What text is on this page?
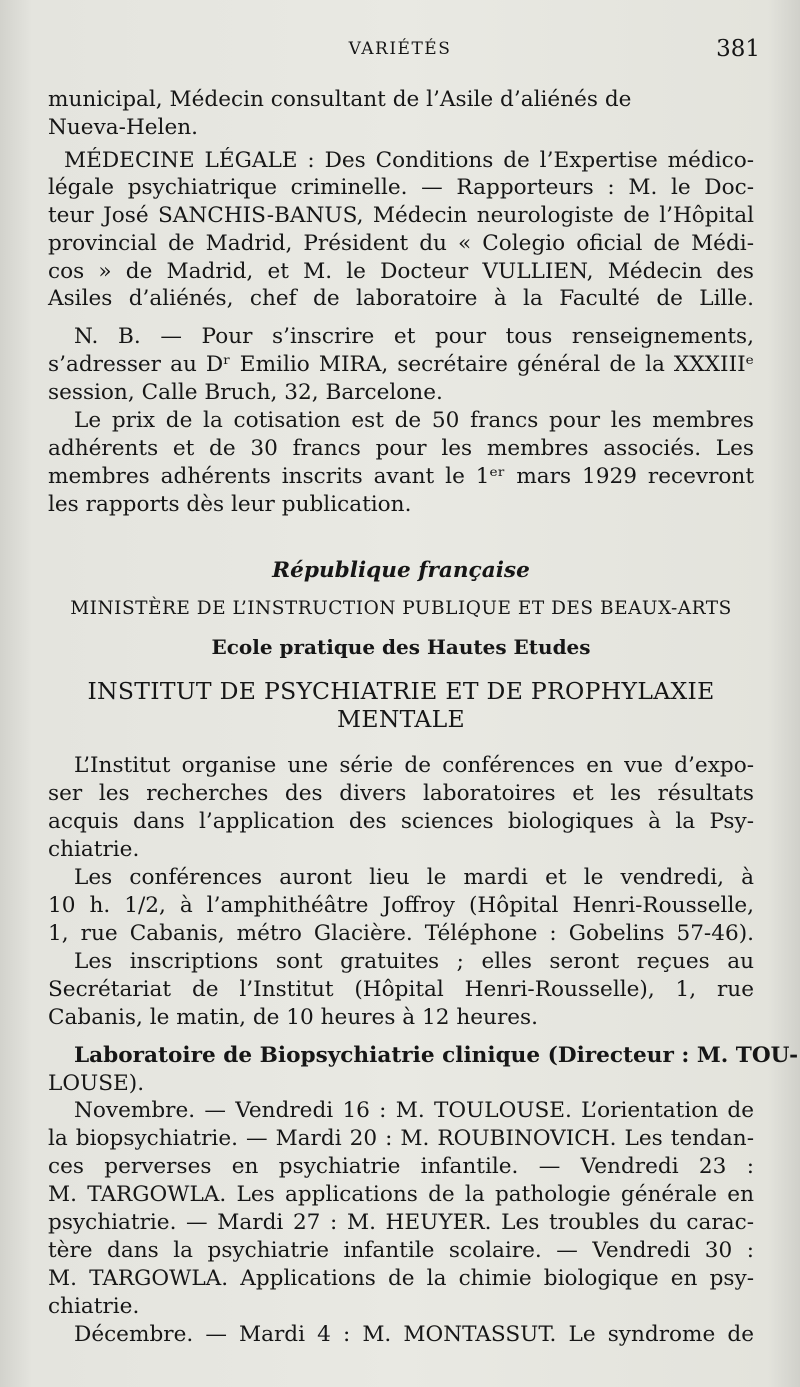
VARIÉTÉS	381
municipal, Médecin consultant de l’Asile d’aliénés de
Nueva-Helen.
MÉDECINE LÉGALE : Des Conditions de l’Expertise médico-
légale psychiatrique criminelle. — Rapporteurs : M. le Doc-
teur José SANCHIS-BANUS, Médecin neurologiste de l’Hôpital
provincial de Madrid, Président du « Colegio oficial de Médi-
cos » de Madrid, et M. le Docteur VULLIEN, Médecin des
Asiles d’aliénés, chef de laboratoire à la Faculté de Lille.
N. B. — Pour s’inscrire et pour tous renseignements,
s’adresser au Dʳ Emilio MIRA, secrétaire général de la XXXIIIᵉ
session, Calle Bruch, 32, Barcelone.
Le prix de la cotisation est de 50 francs pour les membres
adhérents et de 30 francs pour les membres associés. Les
membres adhérents inscrits avant le 1ᵉʳ mars 1929 recevront
les rapports dès leur publication.
République française
MINISTÈRE DE L’INSTRUCTION PUBLIQUE ET DES BEAUX-ARTS
Ecole pratique des Hautes Etudes
INSTITUT DE PSYCHIATRIE ET DE PROPHYLAXIE
MENTALE
L’Institut organise une série de conférences en vue d’expo-
ser les recherches des divers laboratoires et les résultats
acquis dans l’application des sciences biologiques à la Psy-
chiatrie.
Les conférences auront lieu le mardi et le vendredi, à
10 h. 1/2, à l’amphithéâtre Joffroy (Hôpital Henri-Rousselle,
1, rue Cabanis, métro Glacière. Téléphone : Gobelins 57-46).
Les inscriptions sont gratuites ; elles seront reçues au
Secrétariat de l’Institut (Hôpital Henri-Rousselle), 1, rue
Cabanis, le matin, de 10 heures à 12 heures.
Laboratoire de Biopsychiatrie clinique (Directeur : M. TOU-
LOUSE).
Novembre. — Vendredi 16 : M. TOULOUSE. L’orientation de
la biopsychiatrie. — Mardi 20 : M. ROUBINOVICH. Les tendan-
ces perverses en psychiatrie infantile. — Vendredi 23 :
M. TARGOWLA. Les applications de la pathologie générale en
psychiatrie. — Mardi 27 : M. HEUYER. Les troubles du carac-
tère dans la psychiatrie infantile scolaire. — Vendredi 30 :
M. TARGOWLA. Applications de la chimie biologique en psy-
chiatrie.
Décembre. — Mardi 4 : M. MONTASSUT. Le syndrome de
